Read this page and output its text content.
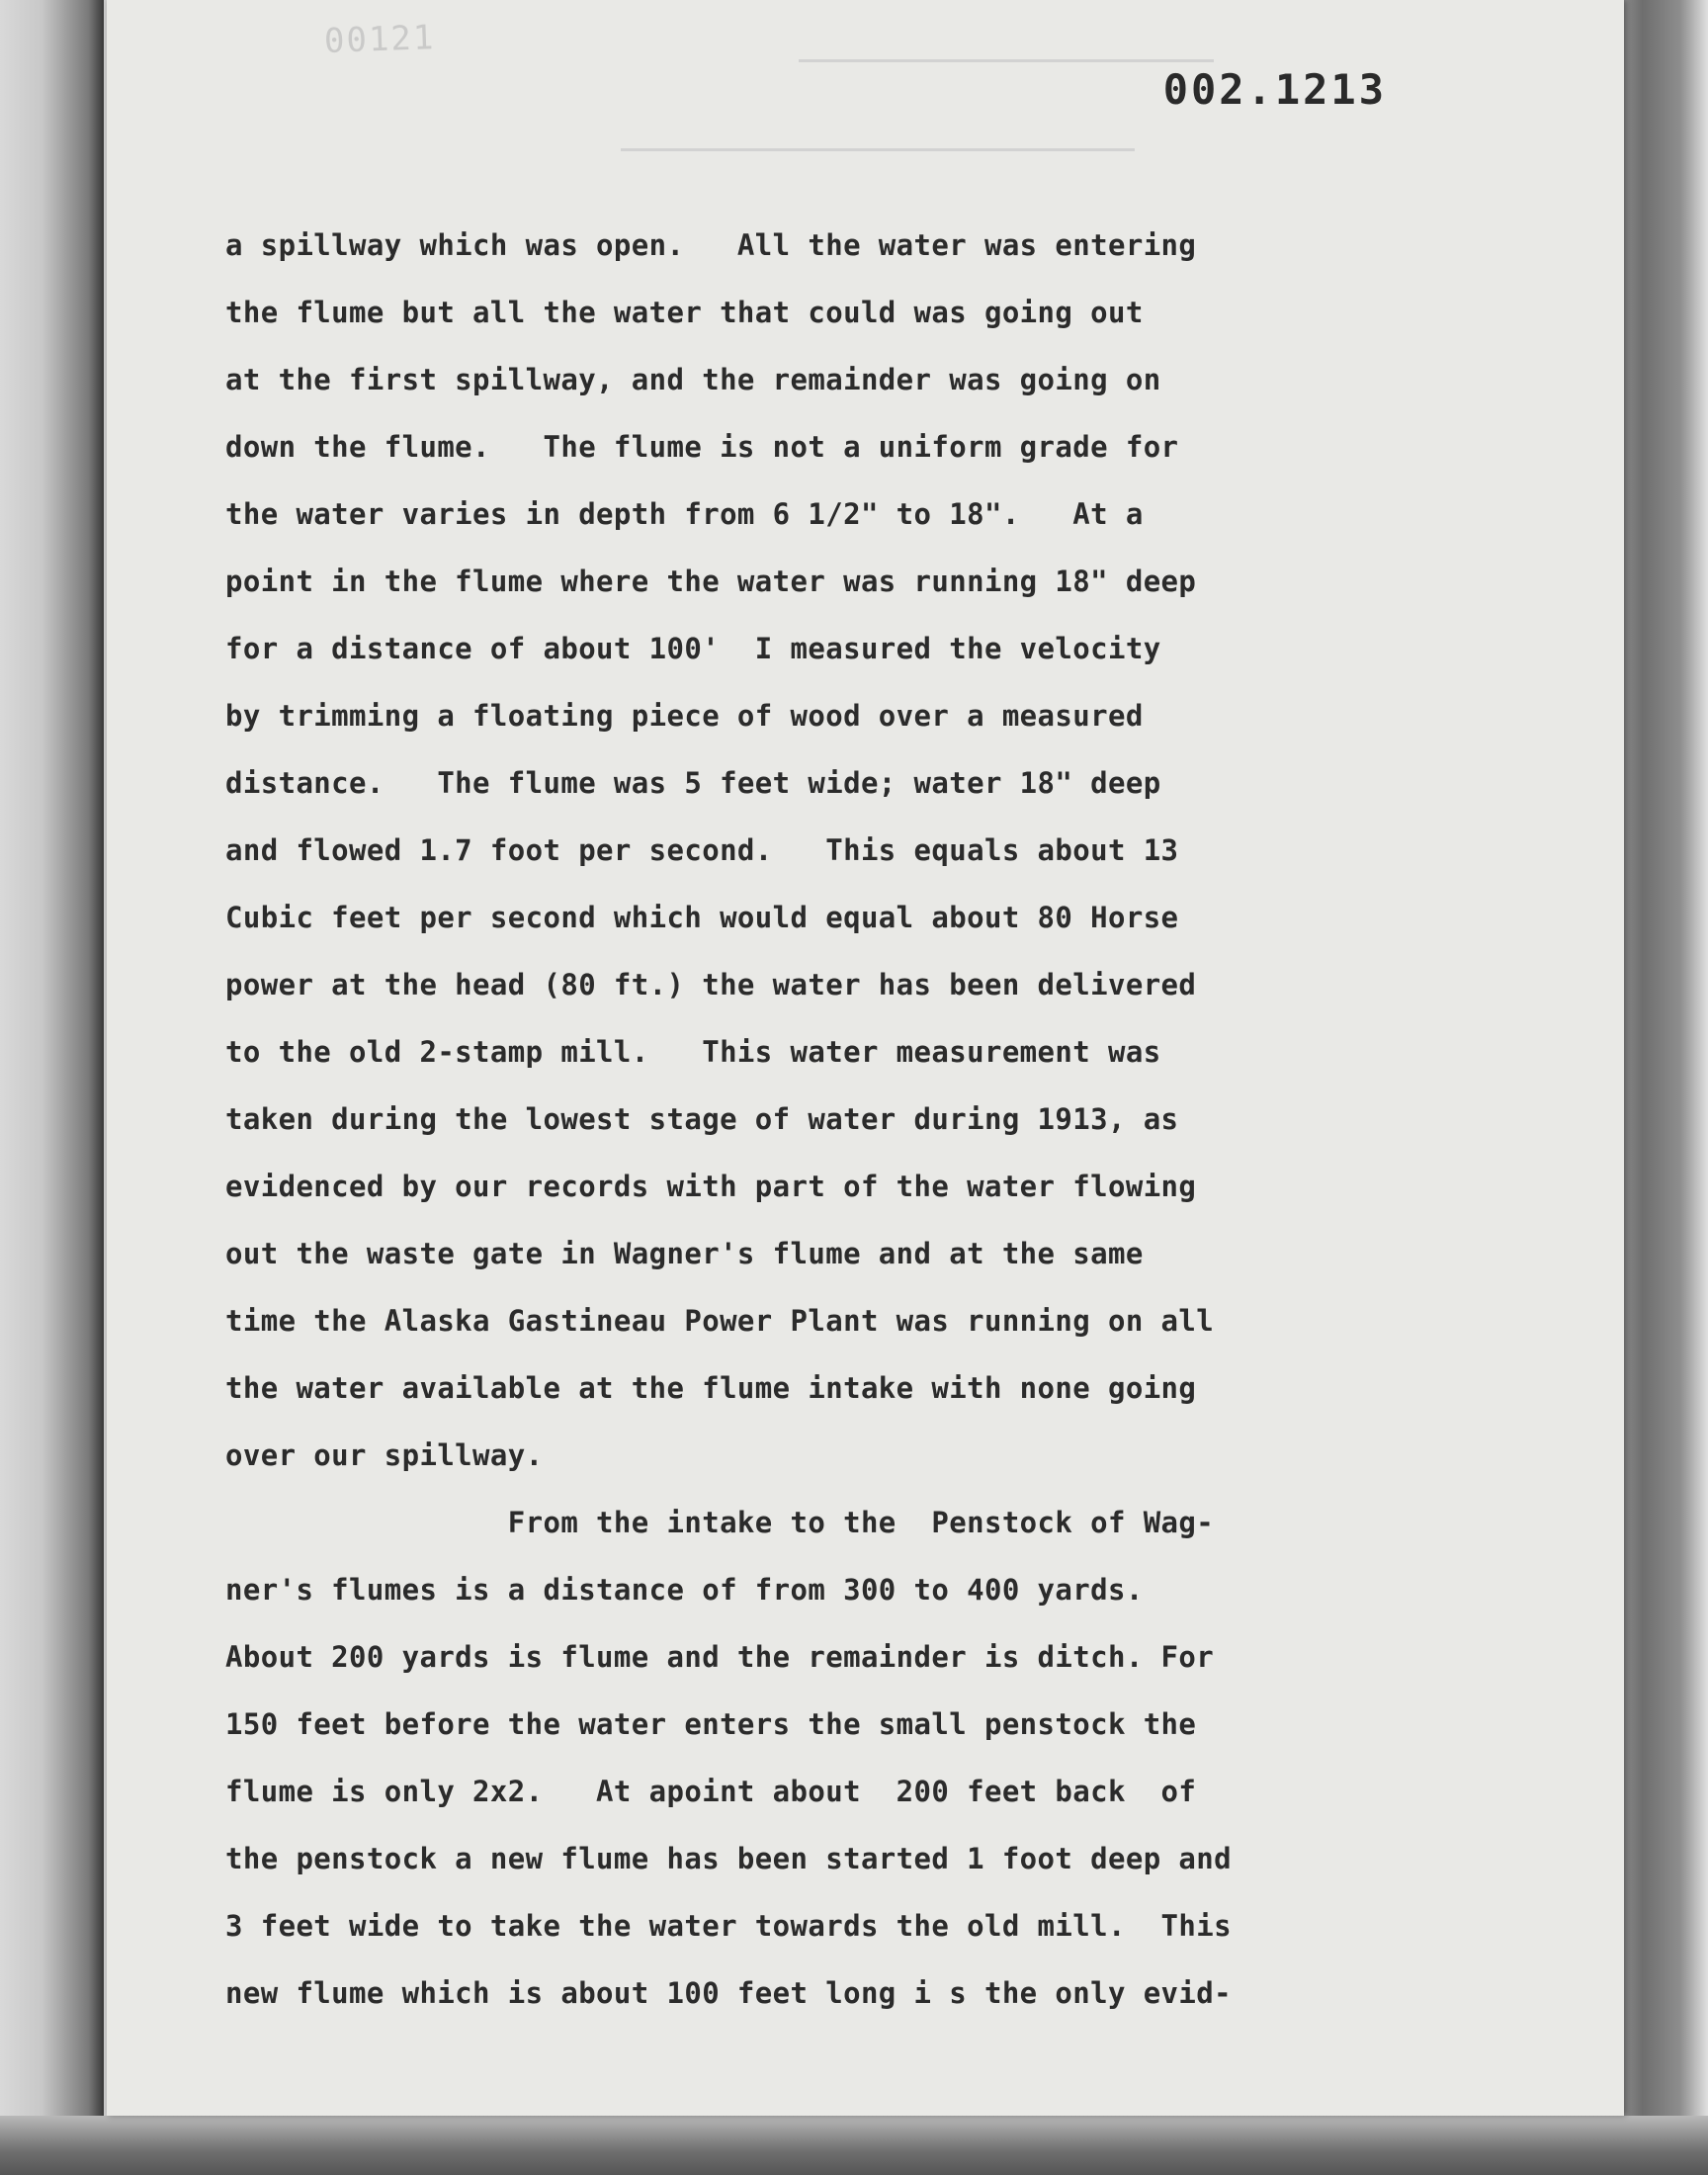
00121
002.1213
a spillway which was open.   All the water was entering
the flume but all the water that could was going out
at the first spillway, and the remainder was going on
down the flume.   The flume is not a uniform grade for
the water varies in depth from 6 1/2" to 18".   At a
point in the flume where the water was running 18" deep
for a distance of about 100'  I measured the velocity
by trimming a floating piece of wood over a measured
distance.   The flume was 5 feet wide; water 18" deep
and flowed 1.7 foot per second.   This equals about 13
Cubic feet per second which would equal about 80 Horse
power at the head (80 ft.) the water has been delivered
to the old 2-stamp mill.   This water measurement was
taken during the lowest stage of water during 1913, as
evidenced by our records with part of the water flowing
out the waste gate in Wagner's flume and at the same
time the Alaska Gastineau Power Plant was running on all
the water available at the flume intake with none going
over our spillway.
From the intake to the  Penstock of Wag-
ner's flumes is a distance of from 300 to 400 yards.
About 200 yards is flume and the remainder is ditch. For
150 feet before the water enters the small penstock the
flume is only 2x2.   At apoint about  200 feet back  of
the penstock a new flume has been started 1 foot deep and
3 feet wide to take the water towards the old mill.  This
new flume which is about 100 feet long i s the only evid-
